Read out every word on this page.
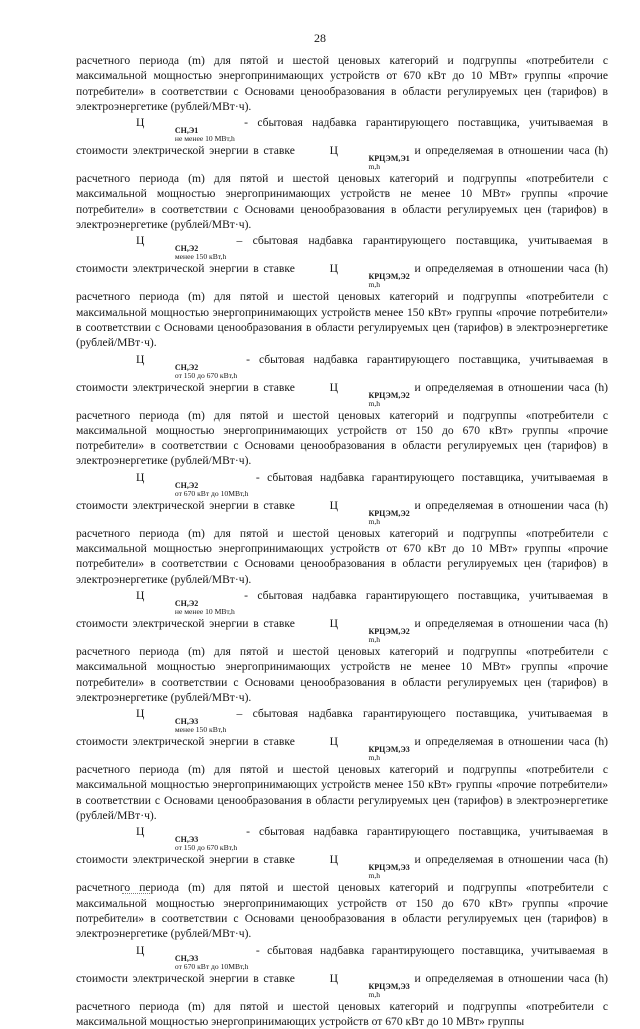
28

расчетного периода (m) для пятой и шестой ценовых категорий и подгруппы «потребители с максимальной мощностью энергопринимающих устройств от 670 кВт до 10 МВт» группы «прочие потребители» в соответствии с Основами ценообразования в области регулируемых цен (тарифов) в электроэнергетике (рублей/МВт·ч).

Ц
СН,Э1
не менее 10 МВт,h
- сбытовая надбавка гарантирующего поставщика, учитываемая в стоимости электрической энергии в ставке	Ц
КРЦЭМ,Э1
m,h
и определяемая в отношении часа (h) расчетного периода (m) для пятой и шестой ценовых категорий и подгруппы «потребители с максимальной мощностью энергопринимающих устройств не менее 10 МВт» группы «прочие потребители» в соответствии с Основами ценообразования в области регулируемых цен (тарифов) в электроэнергетике (рублей/МВт·ч).

Ц
СН,Э2
менее 150 кВт,h
– сбытовая надбавка гарантирующего поставщика, учитываемая в стоимости электрической энергии в ставке	Ц
КРЦЭМ,Э2
m,h
и определяемая в отношении часа (h) расчетного периода (m) для пятой и шестой ценовых категорий и подгруппы «потребители с максимальной мощностью энергопринимающих устройств менее 150 кВт» группы «прочие потребители» в соответствии с Основами ценообразования в области регулируемых цен (тарифов) в электроэнергетике (рублей/МВт·ч).

Ц
СН,Э2
от 150 до 670 кВт,h
- сбытовая надбавка гарантирующего поставщика, учитываемая в стоимости электрической энергии в ставке	Ц
КРЦЭМ,Э2
m,h
и определяемая в отношении часа (h) расчетного периода (m) для пятой и шестой ценовых категорий и подгруппы «потребители с максимальной мощностью энергопринимающих устройств от 150 до 670 кВт» группы «прочие потребители» в соответствии с Основами ценообразования в области регулируемых цен (тарифов) в электроэнергетике (рублей/МВт·ч).

Ц
СН,Э2
от 670 кВт до 10МВт,h
- сбытовая надбавка гарантирующего поставщика, учитываемая в стоимости электрической энергии в ставке	Ц
КРЦЭМ,Э2
m,h
и определяемая в отношении часа (h) расчетного периода (m) для пятой и шестой ценовых категорий и подгруппы «потребители с максимальной мощностью энергопринимающих устройств от 670 кВт до 10 МВт» группы «прочие потребители» в соответствии с Основами ценообразования в области регулируемых цен (тарифов) в электроэнергетике (рублей/МВт·ч).

Ц
СН,Э2
не менее 10 МВт,h
- сбытовая надбавка гарантирующего поставщика, учитываемая в стоимости электрической энергии в ставке	Ц
КРЦЭМ,Э2
m,h
и определяемая в отношении часа (h) расчетного периода (m) для пятой и шестой ценовых категорий и подгруппы «потребители с максимальной мощностью энергопринимающих устройств не менее 10 МВт» группы «прочие потребители» в соответствии с Основами ценообразования в области регулируемых цен (тарифов) в электроэнергетике (рублей/МВт·ч).

Ц
СН,Э3
менее 150 кВт,h
– сбытовая надбавка гарантирующего поставщика, учитываемая в стоимости электрической энергии в ставке	Ц
КРЦЭМ,Э3
m,h
и определяемая в отношении часа (h) расчетного периода (m) для пятой и шестой ценовых категорий и подгруппы «потребители с максимальной мощностью энергопринимающих устройств менее 150 кВт» группы «прочие потребители» в соответствии с Основами ценообразования в области регулируемых цен (тарифов) в электроэнергетике (рублей/МВт·ч).

Ц
СН,Э3
от 150 до 670 кВт,h
- сбытовая надбавка гарантирующего поставщика, учитываемая в стоимости электрической энергии в ставке	Ц
КРЦЭМ,Э3
m,h
и определяемая в отношении часа (h) расчетного периода (m) для пятой и шестой ценовых категорий и подгруппы «потребители с максимальной мощностью энергопринимающих устройств от 150 до 670 кВт» группы «прочие потребители» в соответствии с Основами ценообразования в области регулируемых цен (тарифов) в электроэнергетике (рублей/МВт·ч).

Ц
СН,Э3
от 670 кВт до 10МВт,h
- сбытовая надбавка гарантирующего поставщика, учитываемая в стоимости электрической энергии в ставке	Ц
КРЦЭМ,Э3
m,h
и определяемая в отношении часа (h) расчетного периода (m) для пятой и шестой ценовых категорий и подгруппы «потребители с максимальной мощностью энергопринимающих устройств от 670 кВт до 10 МВт» группы
